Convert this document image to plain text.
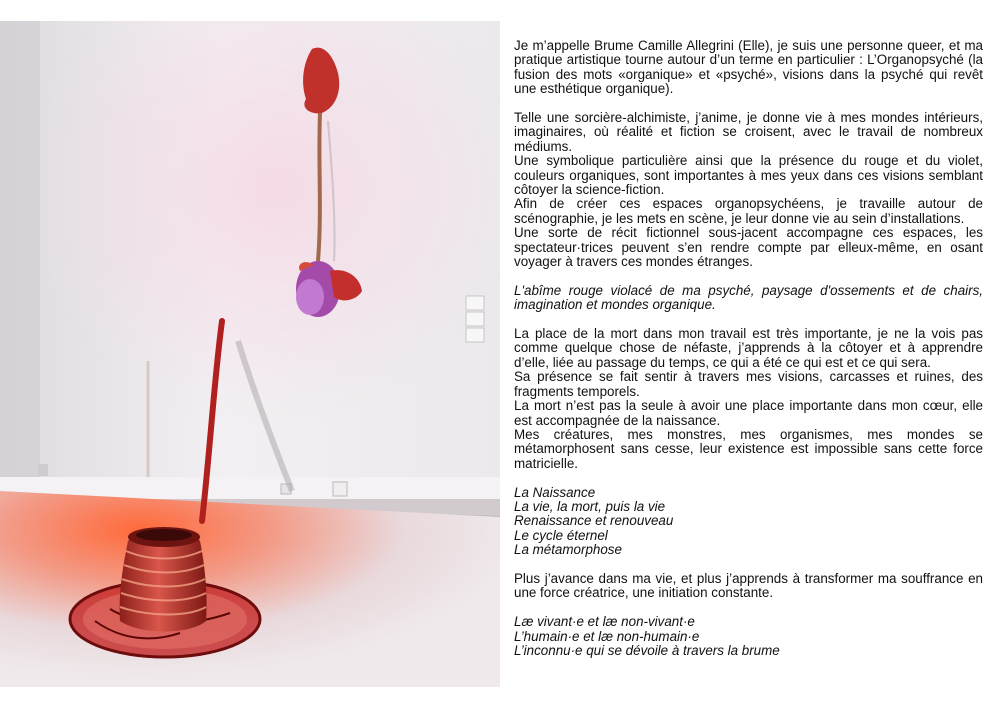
Je m’appelle Brume Camille Allegrini (Elle), je suis une personne queer, et ma pratique artistique tourne autour d’un terme en particulier : L’Organopsyché (la fusion des mots «organique» et «psyché», visions dans la psyché qui revêt une esthétique organique).

Telle une sorcière-alchimiste, j’anime, je donne vie à mes mondes intérieurs, imaginaires, où réalité et fiction se croisent, avec le travail de nombreux médiums.

Une symbolique particulière ainsi que la présence du rouge et du violet, couleurs organiques, sont importantes à mes yeux dans ces visions semblant côtoyer la science-fiction.

Afin de créer ces espaces organopsychéens, je travaille autour de scénographie, je les mets en scène, je leur donne vie au sein d’installations.

Une sorte de récit fictionnel sous-jacent accompagne ces espaces, les spectateur·trices peuvent s’en rendre compte par elleux-même, en osant voyager à travers ces mondes étranges.

L'abîme rouge violacé de ma psyché, paysage d'ossements et de chairs, imagination et mondes organique.

La place de la mort dans mon travail est très importante, je ne la vois pas comme quelque chose de néfaste, j’apprends à la côtoyer et à apprendre d’elle, liée au passage du temps, ce qui a été ce qui est et ce qui sera.

Sa présence se fait sentir à travers mes visions, carcasses et ruines, des fragments temporels.

La mort n’est pas la seule à avoir une place importante dans mon cœur, elle est accompagnée de la naissance.

Mes créatures, mes monstres, mes organismes, mes mondes se métamorphosent sans cesse, leur existence est impossible sans cette force matricielle.

La Naissance
La vie, la mort, puis la vie
Renaissance et renouveau
Le cycle éternel
La métamorphose

Plus j’avance dans ma vie, et plus j’apprends à transformer ma souffrance en une force créatrice, une initiation constante.

Læ vivant·e et læ non-vivant·e
L’humain·e et læ non-humain·e
L’inconnu·e qui se dévoile à travers la brume
